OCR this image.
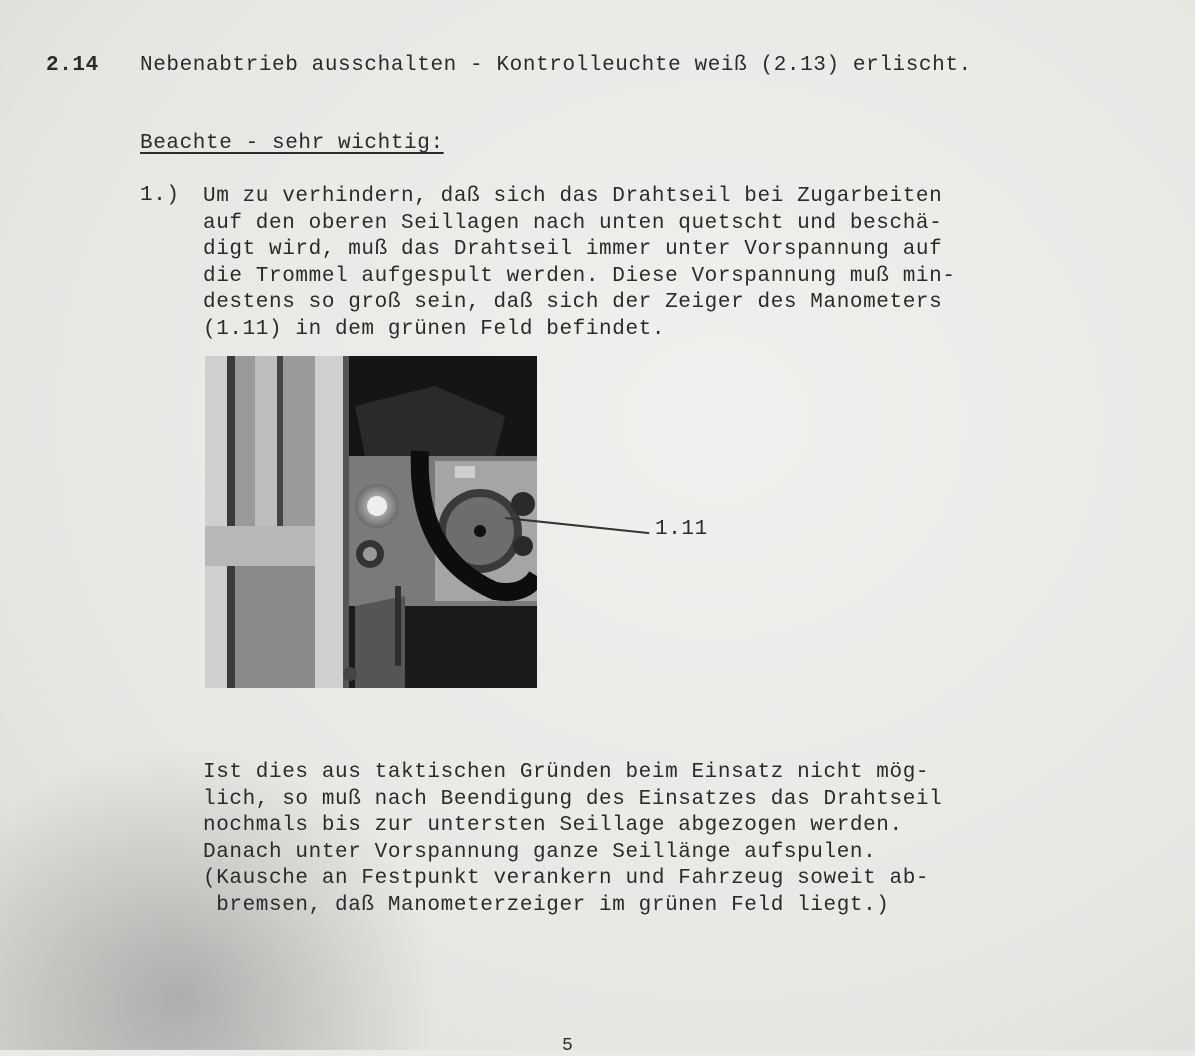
2.14 Nebenabtrieb ausschalten - Kontrolleuchte weiß (2.13) erlischt.
Beachte - sehr wichtig:
1.) Um zu verhindern, daß sich das Drahtseil bei Zugarbeiten
auf den oberen Seillagen nach unten quetscht und beschä-
digt wird, muß das Drahtseil immer unter Vorspannung auf
die Trommel aufgespult werden. Diese Vorspannung muß min-
destens so groß sein, daß sich der Zeiger des Manometers
(1.11) in dem grünen Feld befindet.
1.11
Ist dies aus taktischen Gründen beim Einsatz nicht mög-
lich, so muß nach Beendigung des Einsatzes das Drahtseil
nochmals bis zur untersten Seillage abgezogen werden.
Danach unter Vorspannung ganze Seillänge aufspulen.
(Kausche an Festpunkt verankern und Fahrzeug soweit ab-
bremsen, daß Manometerzeiger im grünen Feld liegt.)
5
